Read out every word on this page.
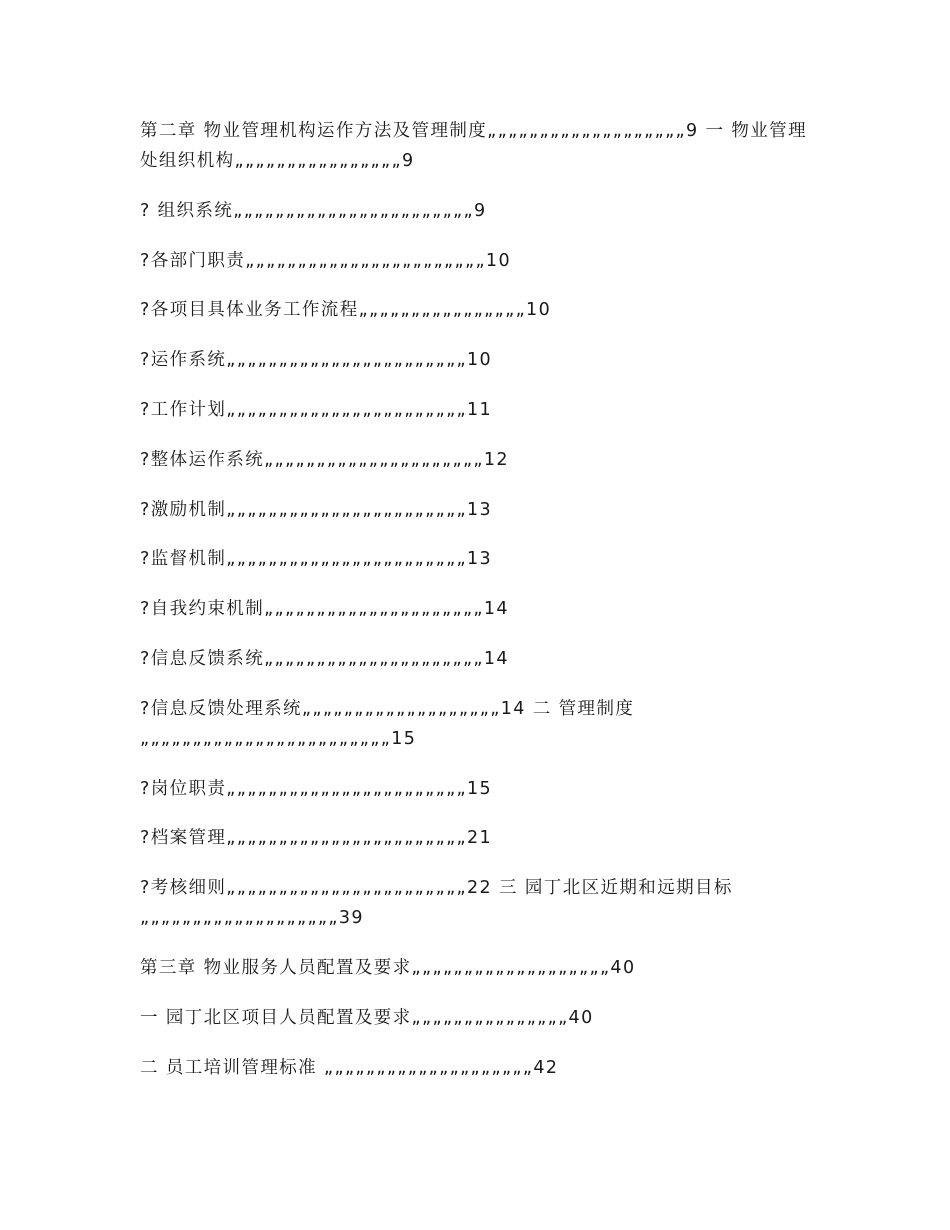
第二章 物业管理机构运作方法及管理制度„„„„„„„„„„„„„„„„„„„9 一 物业管理处组织机构„„„„„„„„„„„„„„„„9
? 组织系统„„„„„„„„„„„„„„„„„„„„„„„9
?各部门职责„„„„„„„„„„„„„„„„„„„„„„„10
?各项目具体业务工作流程„„„„„„„„„„„„„„„„10
?运作系统„„„„„„„„„„„„„„„„„„„„„„„10
?工作计划„„„„„„„„„„„„„„„„„„„„„„„11
?整体运作系统„„„„„„„„„„„„„„„„„„„„„12
?激励机制„„„„„„„„„„„„„„„„„„„„„„„13
?监督机制„„„„„„„„„„„„„„„„„„„„„„„13
?自我约束机制„„„„„„„„„„„„„„„„„„„„„14
?信息反馈系统„„„„„„„„„„„„„„„„„„„„„14
?信息反馈处理系统„„„„„„„„„„„„„„„„„„„14 二 管理制度„„„„„„„„„„„„„„„„„„„„„„„„15
?岗位职责„„„„„„„„„„„„„„„„„„„„„„„15
?档案管理„„„„„„„„„„„„„„„„„„„„„„„21
?考核细则„„„„„„„„„„„„„„„„„„„„„„„22 三 园丁北区近期和远期目标„„„„„„„„„„„„„„„„„„„39
第三章 物业服务人员配置及要求„„„„„„„„„„„„„„„„„„„40
一 园丁北区项目人员配置及要求„„„„„„„„„„„„„„„40
二 员工培训管理标准 „„„„„„„„„„„„„„„„„„„„42
